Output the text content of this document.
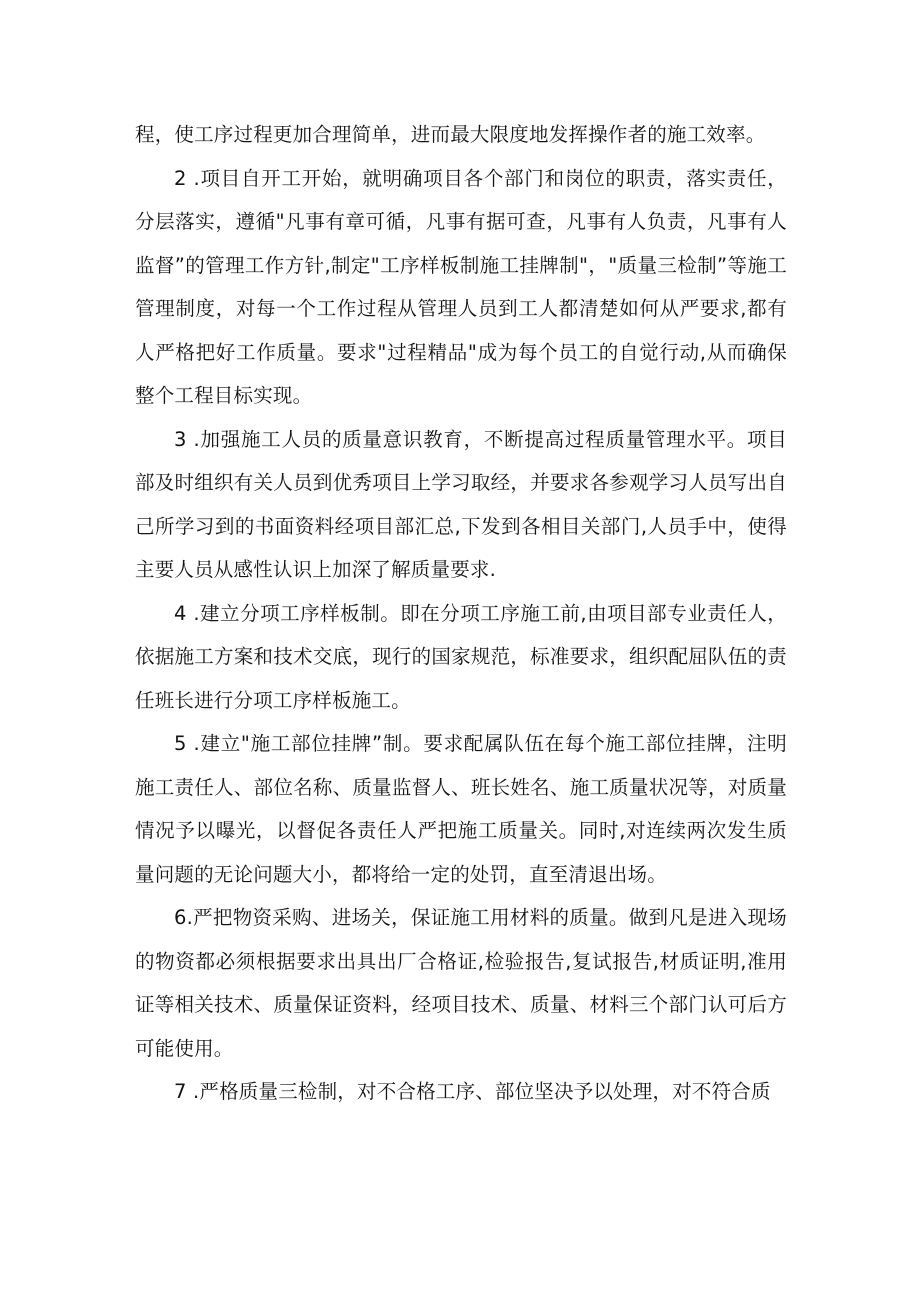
程，使工序过程更加合理简单，进而最大限度地发挥操作者的施工效率。

2 .项目自开工开始，就明确项目各个部门和岗位的职责，落实责任，分层落实，遵循"凡事有章可循，凡事有据可查，凡事有人负责，凡事有人监督”的管理工作方针,制定"工序样板制施工挂牌制"，"质量三检制”等施工管理制度，对每一个工作过程从管理人员到工人都清楚如何从严要求,都有人严格把好工作质量。要求"过程精品"成为每个员工的自觉行动,从而确保整个工程目标实现。

3 .加强施工人员的质量意识教育，不断提高过程质量管理水平。项目部及时组织有关人员到优秀项目上学习取经，并要求各参观学习人员写出自己所学习到的书面资料经项目部汇总,下发到各相目关部门,人员手中，使得主要人员从感性认识上加深了解质量要求.

4 .建立分项工序样板制。即在分项工序施工前,由项目部专业责任人，依据施工方案和技术交底，现行的国家规范，标准要求，组织配屈队伍的责任班长进行分项工序样板施工。

5 .建立"施工部位挂牌”制。要求配属队伍在每个施工部位挂牌，注明施工责任人、部位名称、质量监督人、班长姓名、施工质量状况等，对质量情况予以曝光，以督促各责任人严把施工质量关。同时,对连续两次发生质量问题的无论问题大小，都将给一定的处罚，直至清退出场。

6.严把物资采购、进场关，保证施工用材料的质量。做到凡是进入现场的物资都必须根据要求出具出厂合格证,检验报告,复试报告,材质证明,准用证等相关技术、质量保证资料，经项目技术、质量、材料三个部门认可后方可能使用。

7 .严格质量三检制，对不合格工序、部位坚决予以处理，对不符合质
